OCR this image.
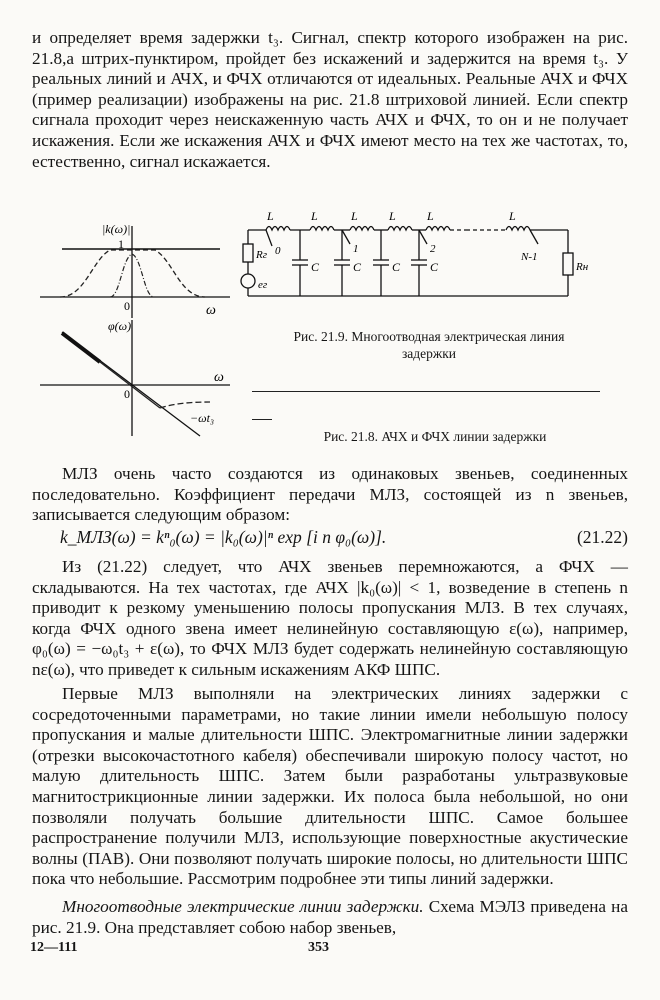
и определяет время задержки t₃. Сигнал, спектр которого изображен на рис. 21.8,а штрих-пунктиром, пройдет без искажений и задержится на время t₃. У реальных линий и АЧХ, и ФЧХ отличаются от идеальных. Реальные АЧХ и ФЧХ (пример реализации) изображены на рис. 21.8 штриховой линией. Если спектр сигнала проходит через неискаженную часть АЧХ и ФЧХ, то он и не получает искажения. Если же искажения АЧХ и ФЧХ имеют место на тех же частотах, то, естественно, сигнал искажается.

|k(ω)|
1
0	ω
φ(ω)
0
ω
−ωt₃
L	L	L	L	L	L
C	C	C C
Rг
eг
Rн
0	1	2
N-1
Рис. 21.9. Многоотводная электрическая линия
задержки
Рис. 21.8. АЧХ и ФЧХ линии задержки

МЛЗ очень часто создаются из одинаковых звеньев, соединенных последовательно. Коэффициент передачи МЛЗ, состоящей из n звеньев, записывается следующим образом:

k_МЛЗ(ω) = kⁿ₀(ω) = |k₀(ω)|ⁿ exp [i n φ₀(ω)].	(21.22)

Из (21.22) следует, что АЧХ звеньев перемножаются, а ФЧХ — складываются. На тех частотах, где АЧХ |k₀(ω)| < 1, возведение в степень n приводит к резкому уменьшению полосы пропускания МЛЗ. В тех случаях, когда ФЧХ одного звена имеет нелинейную составляющую ε(ω), например, φ₀(ω) = −ω₀t₃ + ε(ω), то ФЧХ МЛЗ будет содержать нелинейную составляющую nε(ω), что приведет к сильным искажениям АКФ ШПС.

Первые МЛЗ выполняли на электрических линиях задержки с сосредоточенными параметрами, но такие линии имели небольшую полосу пропускания и малые длительности ШПС. Электромагнитные линии задержки (отрезки высокочастотного кабеля) обеспечивали широкую полосу частот, но малую длительность ШПС. Затем были разработаны ультразвуковые магнитострикционные линии задержки. Их полоса была небольшой, но они позволяли получать большие длительности ШПС. Самое большее распространение получили МЛЗ, использующие поверхностные акустические волны (ПАВ). Они позволяют получать широкие полосы, но длительности ШПС пока что небольшие. Рассмотрим подробнее эти типы линий задержки.

Многоотводные электрические линии задержки. Схема МЭЛЗ приведена на рис. 21.9. Она представляет собою набор звеньев,

12—111	353
